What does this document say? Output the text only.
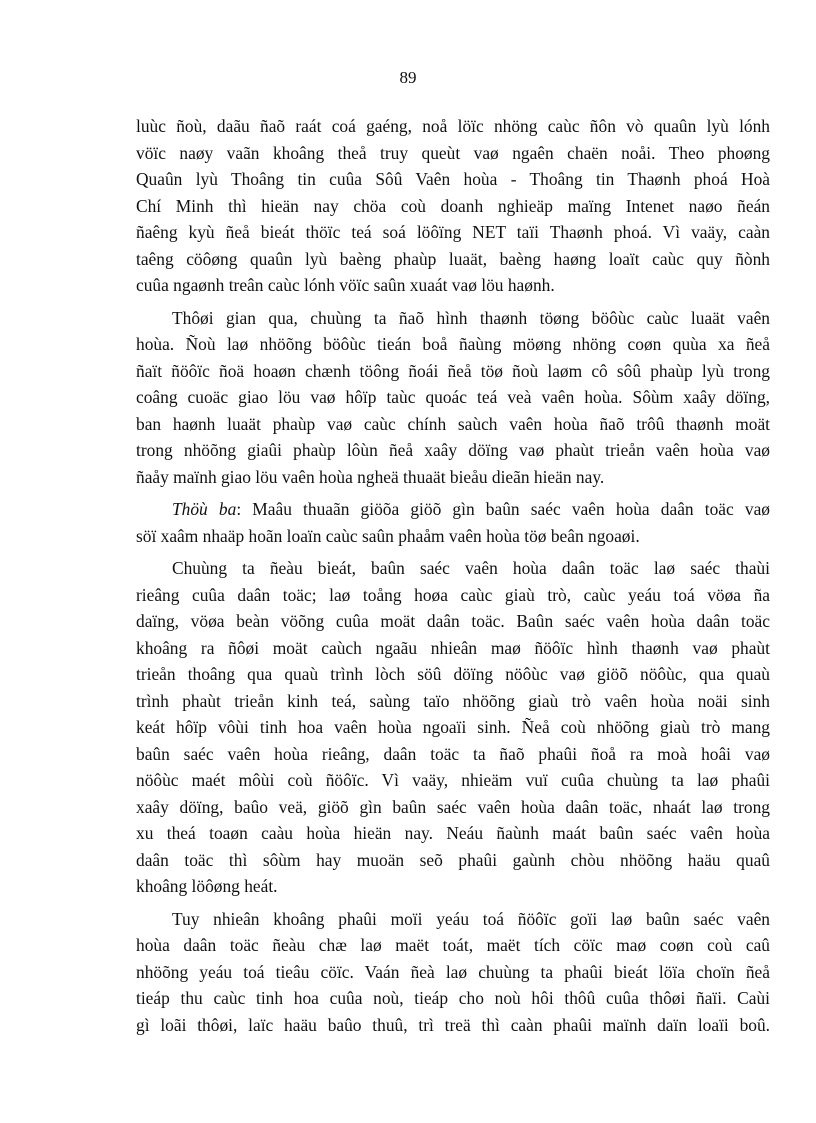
89
luùc ñoù, daãu ñaõ raát coá gaéng, noå löïc nhöng caùc ñôn vò quaûn lyù lónh
vöïc naøy vaãn khoâng theå truy queùt vaø ngaên chaën noåi. Theo phoøng
Quaûn lyù Thoâng tin cuûa Sôû Vaên hoùa - Thoâng tin Thaønh phoá Hoà
Chí Minh thì hieän nay chöa coù doanh nghieäp maïng Intenet naøo ñeán
ñaêng kyù ñeå bieát thöïc teá soá löôïng NET taïi Thaønh phoá. Vì vaäy, caàn
taêng cöôøng quaûn lyù baèng phaùp luaät, baèng haøng loaït caùc quy ñònh
cuûa ngaønh treân caùc lónh vöïc saûn xuaát vaø löu haønh.
Thôøi gian qua, chuùng ta ñaõ hình thaønh töøng böôùc caùc luaät vaên
hoùa. Ñoù laø nhöõng böôùc tieán boå ñaùng möøng nhöng coøn quùa xa ñeå
ñaït ñöôïc ñoä hoaøn chænh töông ñoái ñeå töø ñoù laøm cô sôû phaùp lyù trong
coâng cuoäc giao löu vaø hôïp taùc quoác teá veà vaên hoùa. Sôùm xaây döïng,
ban haønh luaät phaùp vaø caùc chính saùch vaên hoùa ñaõ trôû thaønh moät
trong nhöõng giaûi phaùp lôùn ñeå xaây döïng vaø phaùt trieån vaên hoùa vaø
ñaåy maïnh giao löu vaên hoùa ngheä thuaät bieåu dieãn hieän nay.
Thöù ba: Maâu thuaãn giöõa giöõ gìn baûn saéc vaên hoùa daân toäc vaø
söï xaâm nhaäp hoãn loaïn caùc saûn phaåm vaên hoùa töø beân ngoaøi.
Chuùng ta ñeàu bieát, baûn saéc vaên hoùa daân toäc laø saéc thaùi
rieâng cuûa daân toäc; laø toång hoøa caùc giaù trò, caùc yeáu toá vöøa ña
daïng, vöøa beàn vöõng cuûa moät daân toäc. Baûn saéc vaên hoùa daân toäc
khoâng ra ñôøi moät caùch ngaãu nhieân maø ñöôïc hình thaønh vaø phaùt
trieån thoâng qua quaù trình lòch söû döïng nöôùc vaø giöõ nöôùc, qua quaù
trình phaùt trieån kinh teá, saùng taïo nhöõng giaù trò vaên hoùa noäi sinh
keát hôïp vôùi tinh hoa vaên hoùa ngoaïi sinh. Ñeå coù nhöõng giaù trò mang
baûn saéc vaên hoùa rieâng, daân toäc ta ñaõ phaûi ñoå ra moà hoâi vaø
nöôùc maét môùi coù ñöôïc. Vì vaäy, nhieäm vuï cuûa chuùng ta laø phaûi
xaây döïng, baûo veä, giöõ gìn baûn saéc vaên hoùa daân toäc, nhaát laø trong
xu theá toaøn caàu hoùa hieän nay. Neáu ñaùnh maát baûn saéc vaên hoùa
daân toäc thì sôùm hay muoän seõ phaûi gaùnh chòu nhöõng haäu quaû
khoâng löôøng heát.
Tuy nhieân khoâng phaûi moïi yeáu toá ñöôïc goïi laø baûn saéc vaên
hoùa daân toäc ñeàu chæ laø maët toát, maët tích cöïc maø coøn coù caû
nhöõng yeáu toá tieâu cöïc. Vaán ñeà laø chuùng ta phaûi bieát löïa choïn ñeå
tieáp thu caùc tinh hoa cuûa noù, tieáp cho noù hôi thôû cuûa thôøi ñaïi. Caùi
gì loãi thôøi, laïc haäu baûo thuû, trì treä thì caàn phaûi maïnh daïn loaïi boû.
